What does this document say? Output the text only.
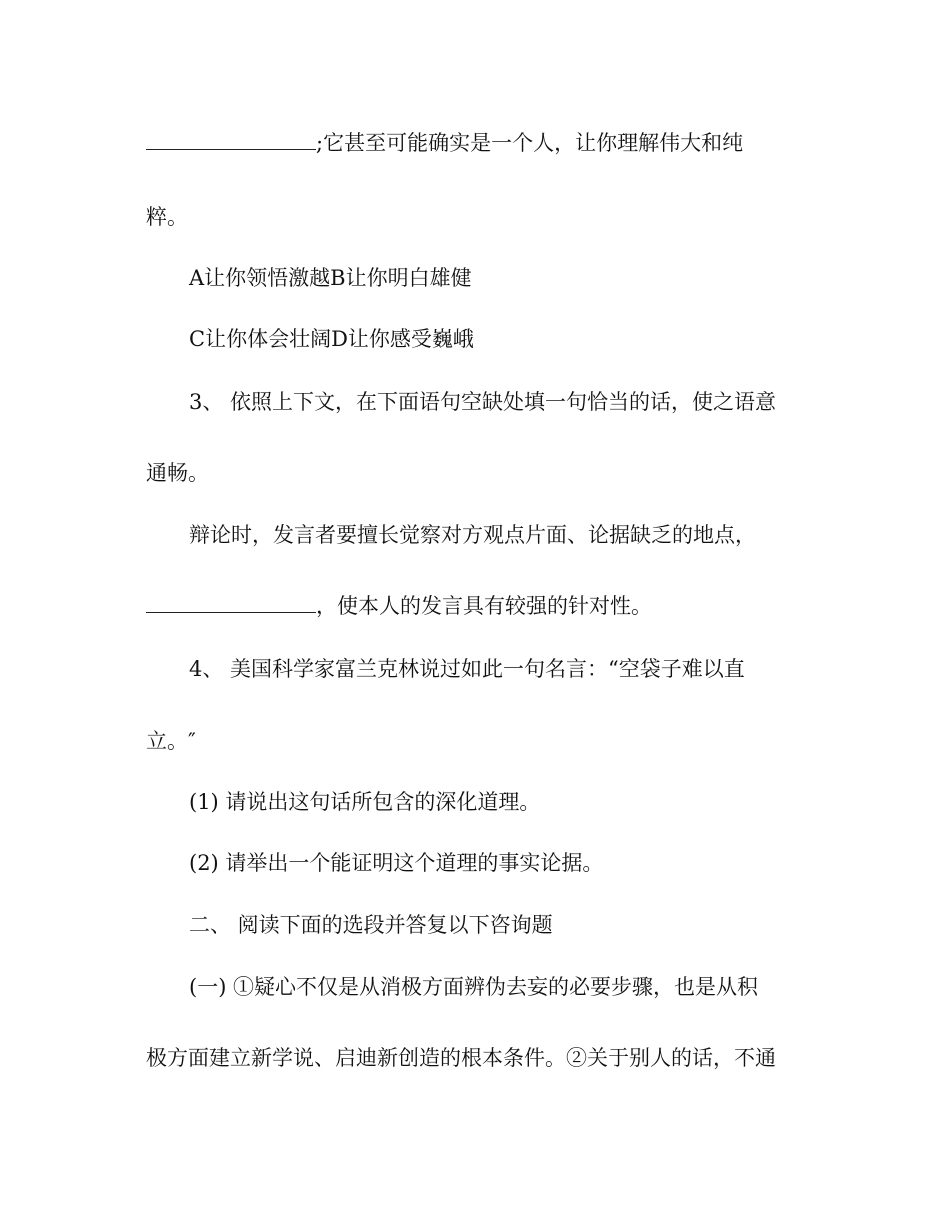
;它甚至可能确实是一个人，让你理解伟大和纯
粹。
A让你领悟激越B让你明白雄健
C让你体会壮阔D让你感受巍峨
3、 依照上下文，在下面语句空缺处填一句恰当的话，使之语意
通畅。
辩论时，发言者要擅长觉察对方观点片面、论据缺乏的地点，
，使本人的发言具有较强的针对性。
4、 美国科学家富兰克林说过如此一句名言：“空袋子难以直
立。″
(1) 请说出这句话所包含的深化道理。
(2) 请举出一个能证明这个道理的事实论据。
二、 阅读下面的选段并答复以下咨询题
(一) ①疑心不仅是从消极方面辨伪去妄的必要步骤，也是从积
极方面建立新学说、启迪新创造的根本条件。②关于别人的话，不通
